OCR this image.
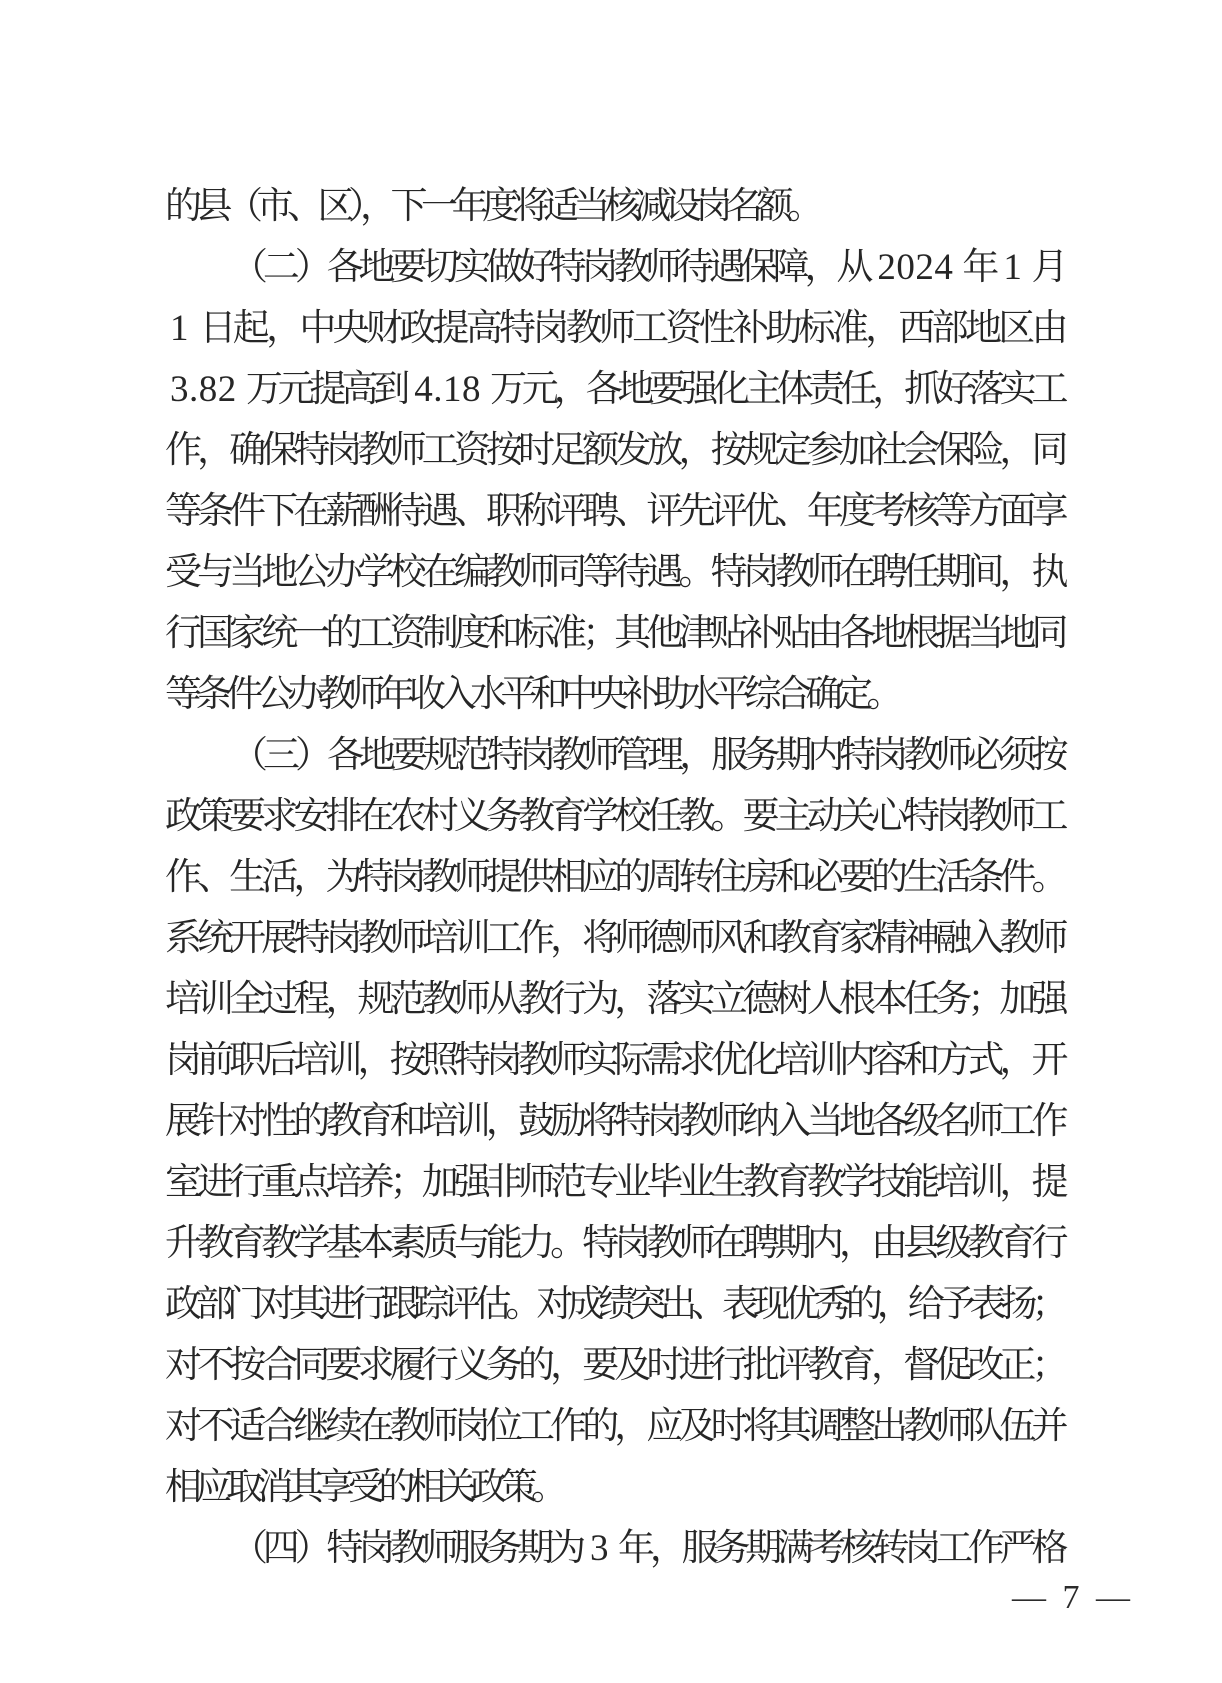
的县（市、区），下一年度将适当核减设岗名额。
（二）各地要切实做好特岗教师待遇保障，从 2024 年 1 月
1 日起，中央财政提高特岗教师工资性补助标准，西部地区由
3.82 万元提高到 4.18 万元，各地要强化主体责任，抓好落实工
作，确保特岗教师工资按时足额发放，按规定参加社会保险，同
等条件下在薪酬待遇、职称评聘、评先评优、年度考核等方面享
受与当地公办学校在编教师同等待遇。特岗教师在聘任期间，执
行国家统一的工资制度和标准；其他津贴补贴由各地根据当地同
等条件公办教师年收入水平和中央补助水平综合确定。
（三）各地要规范特岗教师管理，服务期内特岗教师必须按
政策要求安排在农村义务教育学校任教。要主动关心特岗教师工
作、生活，为特岗教师提供相应的周转住房和必要的生活条件。
系统开展特岗教师培训工作，将师德师风和教育家精神融入教师
培训全过程，规范教师从教行为，落实立德树人根本任务；加强
岗前职后培训，按照特岗教师实际需求优化培训内容和方式，开
展针对性的教育和培训，鼓励将特岗教师纳入当地各级名师工作
室进行重点培养；加强非师范专业毕业生教育教学技能培训，提
升教育教学基本素质与能力。特岗教师在聘期内，由县级教育行
政部门对其进行跟踪评估。对成绩突出、表现优秀的，给予表扬；
对不按合同要求履行义务的，要及时进行批评教育，督促改正；
对不适合继续在教师岗位工作的，应及时将其调整出教师队伍并
相应取消其享受的相关政策。
（四）特岗教师服务期为 3 年，服务期满考核转岗工作严格
— 7 —
